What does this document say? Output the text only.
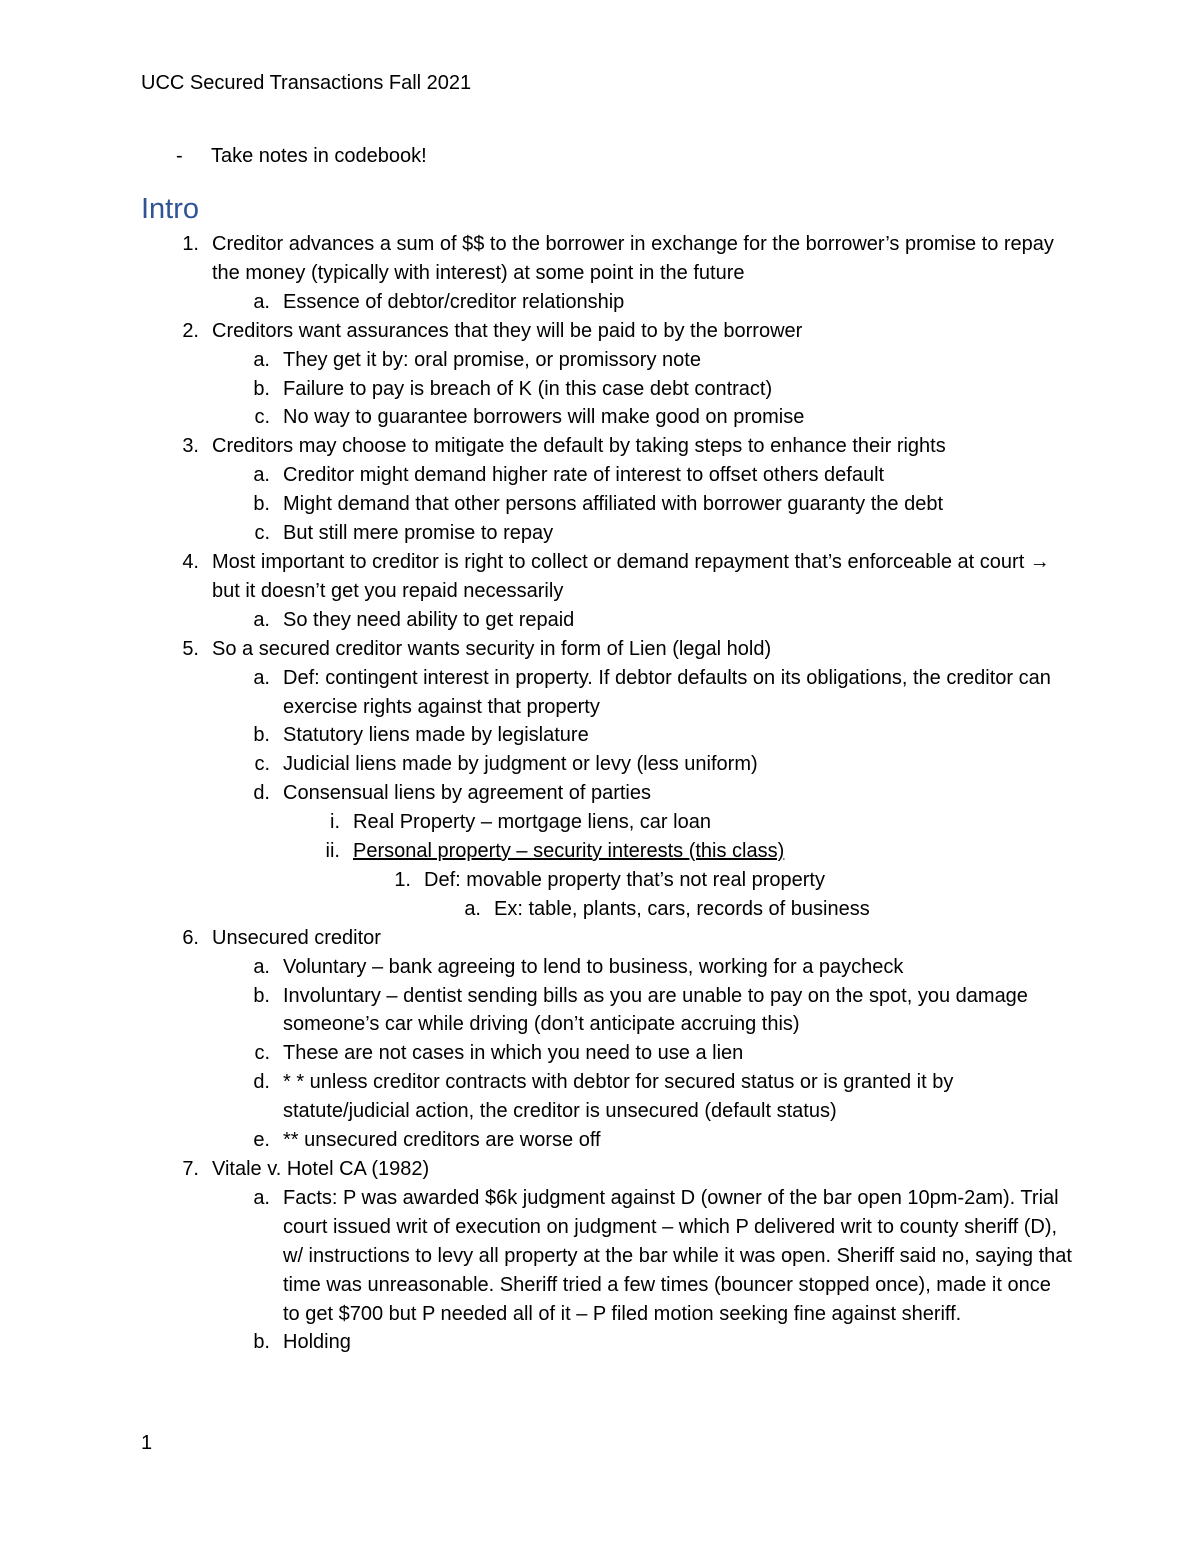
UCC Secured Transactions Fall 2021
- Take notes in codebook!
Intro
1. Creditor advances a sum of $$ to the borrower in exchange for the borrower’s promise to repay the money (typically with interest) at some point in the future
a. Essence of debtor/creditor relationship
2. Creditors want assurances that they will be paid to by the borrower
a. They get it by: oral promise, or promissory note
b. Failure to pay is breach of K (in this case debt contract)
c. No way to guarantee borrowers will make good on promise
3. Creditors may choose to mitigate the default by taking steps to enhance their rights
a. Creditor might demand higher rate of interest to offset others default
b. Might demand that other persons affiliated with borrower guaranty the debt
c. But still mere promise to repay
4. Most important to creditor is right to collect or demand repayment that’s enforceable at court → but it doesn’t get you repaid necessarily
a. So they need ability to get repaid
5. So a secured creditor wants security in form of Lien (legal hold)
a. Def: contingent interest in property. If debtor defaults on its obligations, the creditor can exercise rights against that property
b. Statutory liens made by legislature
c. Judicial liens made by judgment or levy (less uniform)
d. Consensual liens by agreement of parties
i. Real Property – mortgage liens, car loan
ii. Personal property – security interests (this class)
1. Def: movable property that’s not real property
a. Ex: table, plants, cars, records of business
6. Unsecured creditor
a. Voluntary – bank agreeing to lend to business, working for a paycheck
b. Involuntary – dentist sending bills as you are unable to pay on the spot, you damage someone’s car while driving (don’t anticipate accruing this)
c. These are not cases in which you need to use a lien
d. * * unless creditor contracts with debtor for secured status or is granted it by statute/judicial action, the creditor is unsecured (default status)
e. ** unsecured creditors are worse off
7. Vitale v. Hotel CA (1982)
a. Facts: P was awarded $6k judgment against D (owner of the bar open 10pm-2am). Trial court issued writ of execution on judgment – which P delivered writ to county sheriff (D), w/ instructions to levy all property at the bar while it was open. Sheriff said no, saying that time was unreasonable. Sheriff tried a few times (bouncer stopped once), made it once to get $700 but P needed all of it – P filed motion seeking fine against sheriff.
b. Holding
1
